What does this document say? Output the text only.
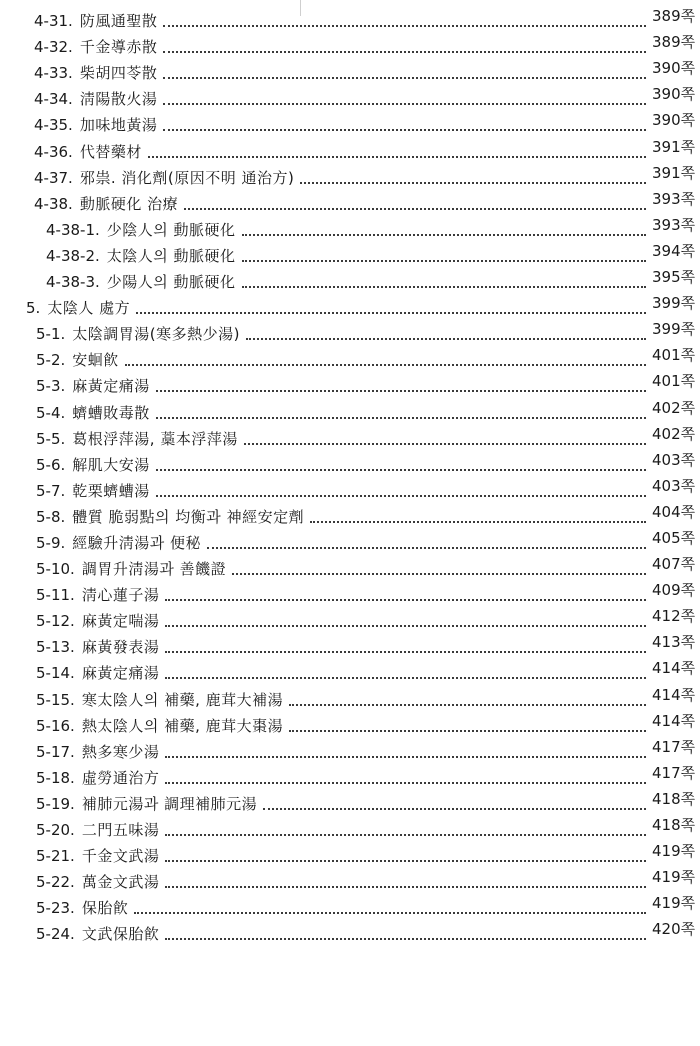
4-31. 防風通聖散	389쪽
4-32. 千金導赤散	389쪽
4-33. 柴胡四苓散	390쪽
4-34. 淸陽散火湯	390쪽
4-35. 加味地黃湯	390쪽
4-36. 代替藥材	391쪽
4-37. 邪祟. 消化劑(原因不明 通治方)	391쪽
4-38. 動脈硬化 治療	393쪽
4-38-1. 少陰人의 動脈硬化	393쪽
4-38-2. 太陰人의 動脈硬化	394쪽
4-38-3. 少陽人의 動脈硬化	395쪽
5. 太陰人 處方	399쪽
5-1. 太陰調胃湯(寒多熱少湯)	399쪽
5-2. 安蛔飮	401쪽
5-3. 麻黃定痛湯	401쪽
5-4. 蠐螬敗毒散	402쪽
5-5. 葛根浮萍湯, 藁本浮萍湯	402쪽
5-6. 解肌大安湯	403쪽
5-7. 乾栗蠐螬湯	403쪽
5-8. 體質 脆弱點의 均衡과 神經安定劑	404쪽
5-9. 經驗升淸湯과 便秘	405쪽
5-10. 調胃升淸湯과 善饑證	407쪽
5-11. 淸心蓮子湯	409쪽
5-12. 麻黃定喘湯	412쪽
5-13. 麻黃發表湯	413쪽
5-14. 麻黃定痛湯	414쪽
5-15. 寒太陰人의 補藥, 鹿茸大補湯	414쪽
5-16. 熱太陰人의 補藥, 鹿茸大棗湯	414쪽
5-17. 熱多寒少湯	417쪽
5-18. 虛勞通治方	417쪽
5-19. 補肺元湯과 調理補肺元湯	418쪽
5-20. 二門五味湯	418쪽
5-21. 千金文武湯	419쪽
5-22. 萬金文武湯	419쪽
5-23. 保胎飮	419쪽
5-24. 文武保胎飮	420쪽
